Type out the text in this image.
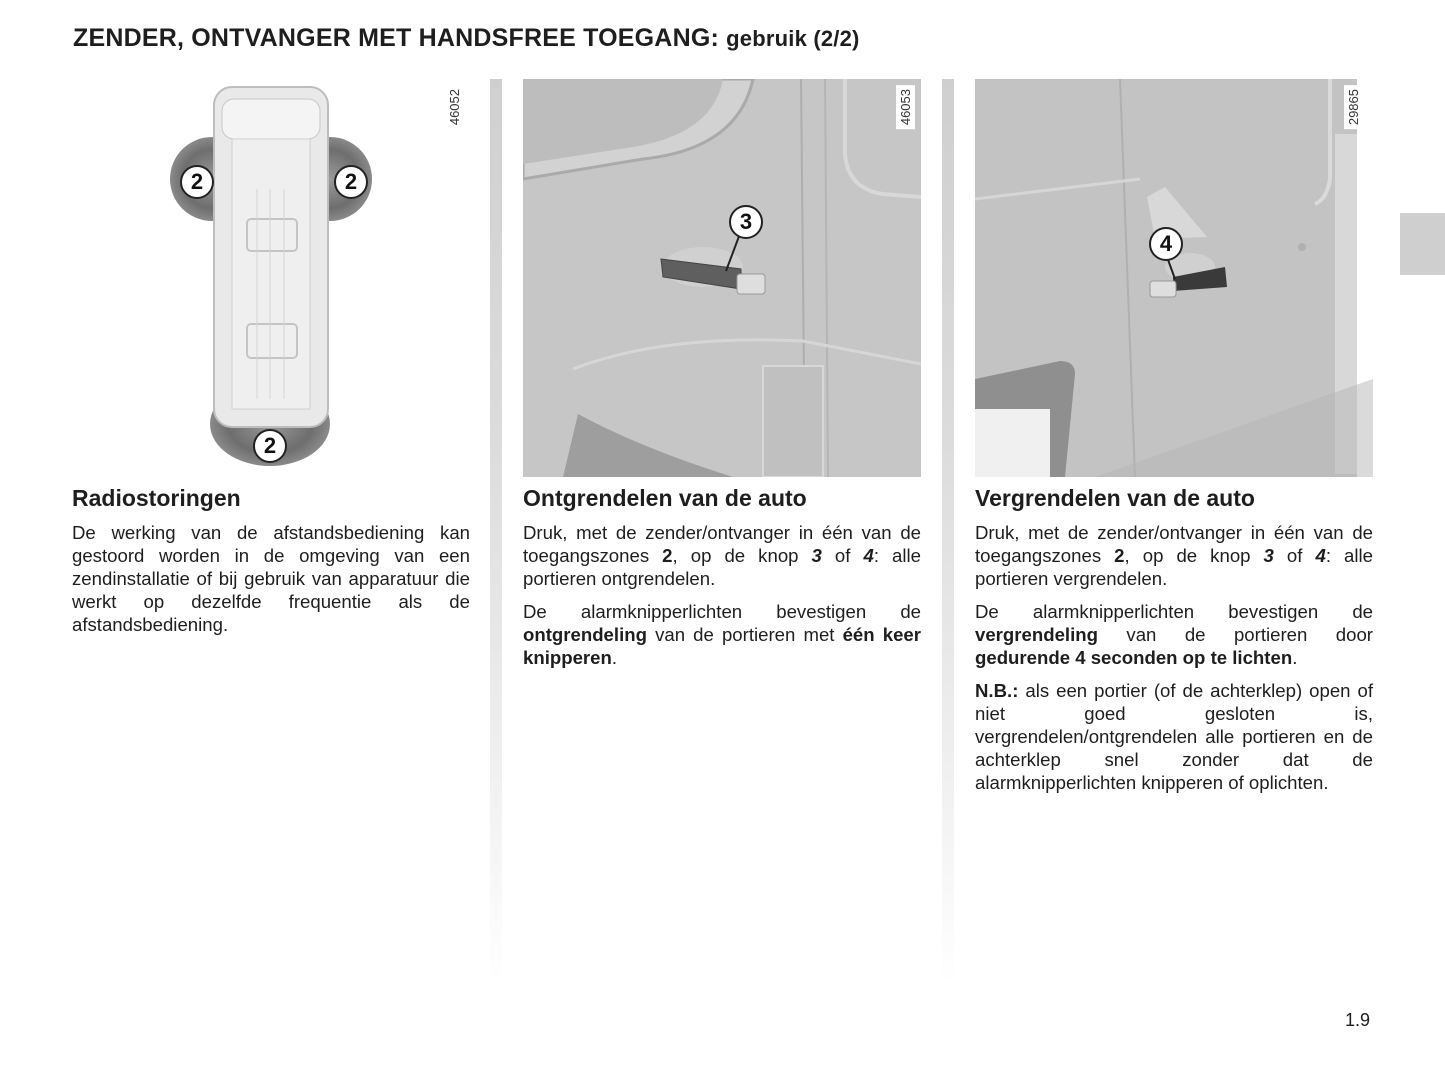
ZENDER, ONTVANGER MET HANDSFREE TOEGANG: gebruik (2/2)
2	2
2
46052
Radiostoringen

De werking van de afstandsbediening kan gestoord worden in de omgeving van een zendinstallatie of bij gebruik van apparatuur die werkt op dezelfde frequentie als de afstandsbediening.

3
46053
Ontgrendelen van de auto

Druk, met de zender/ontvanger in één van de toegangszones 2, op de knop 3 of 4: alle portieren ontgrendelen.

De alarmknipperlichten bevestigen de ontgrendeling van de portieren met één keer knipperen.

4
29865
Vergrendelen van de auto

Druk, met de zender/ontvanger in één van de toegangszones 2, op de knop 3 of 4: alle portieren vergrendelen.

De alarmknipperlichten bevestigen de vergrendeling van de portieren door gedurende 4 seconden op te lichten.

N.B.: als een portier (of de achterklep) open of niet goed gesloten is, vergrendelen/ontgrendelen alle portieren en de achterklep snel zonder dat de alarmknipperlichten knipperen of oplichten.

1.9
